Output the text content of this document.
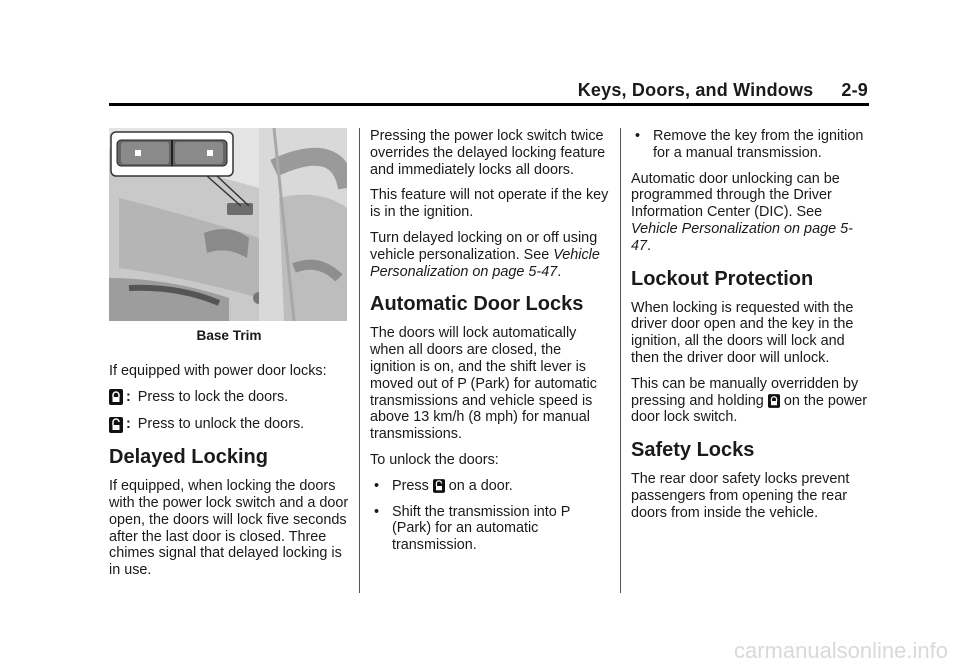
Keys, Doors, and Windows 2-9
Base Trim

If equipped with power door locks:

: Press to lock the doors.
: Press to unlock the doors.
Delayed Locking

If equipped, when locking the doors with the power lock switch and a door open, the doors will lock five seconds after the last door is closed. Three chimes signal that delayed locking is in use.

Pressing the power lock switch twice overrides the delayed locking feature and immediately locks all doors.

This feature will not operate if the key is in the ignition.

Turn delayed locking on or off using vehicle personalization. See Vehicle Personalization on page 5-47.

Automatic Door Locks

The doors will lock automatically when all doors are closed, the ignition is on, and the shift lever is moved out of P (Park) for automatic transmissions and vehicle speed is above 13 km/h (8 mph) for manual transmissions.

To unlock the doors:

• Press on a door.
• Shift the transmission into P (Park) for an automatic transmission.
• Remove the key from the ignition for a manual transmission.

Automatic door unlocking can be programmed through the Driver Information Center (DIC). See Vehicle Personalization on page 5-47.

Lockout Protection

When locking is requested with the driver door open and the key in the ignition, all the doors will lock and then the driver door will unlock.

This can be manually overridden by pressing and holding on the power door lock switch.

Safety Locks

The rear door safety locks prevent passengers from opening the rear doors from inside the vehicle.

carmanualsonline.info
